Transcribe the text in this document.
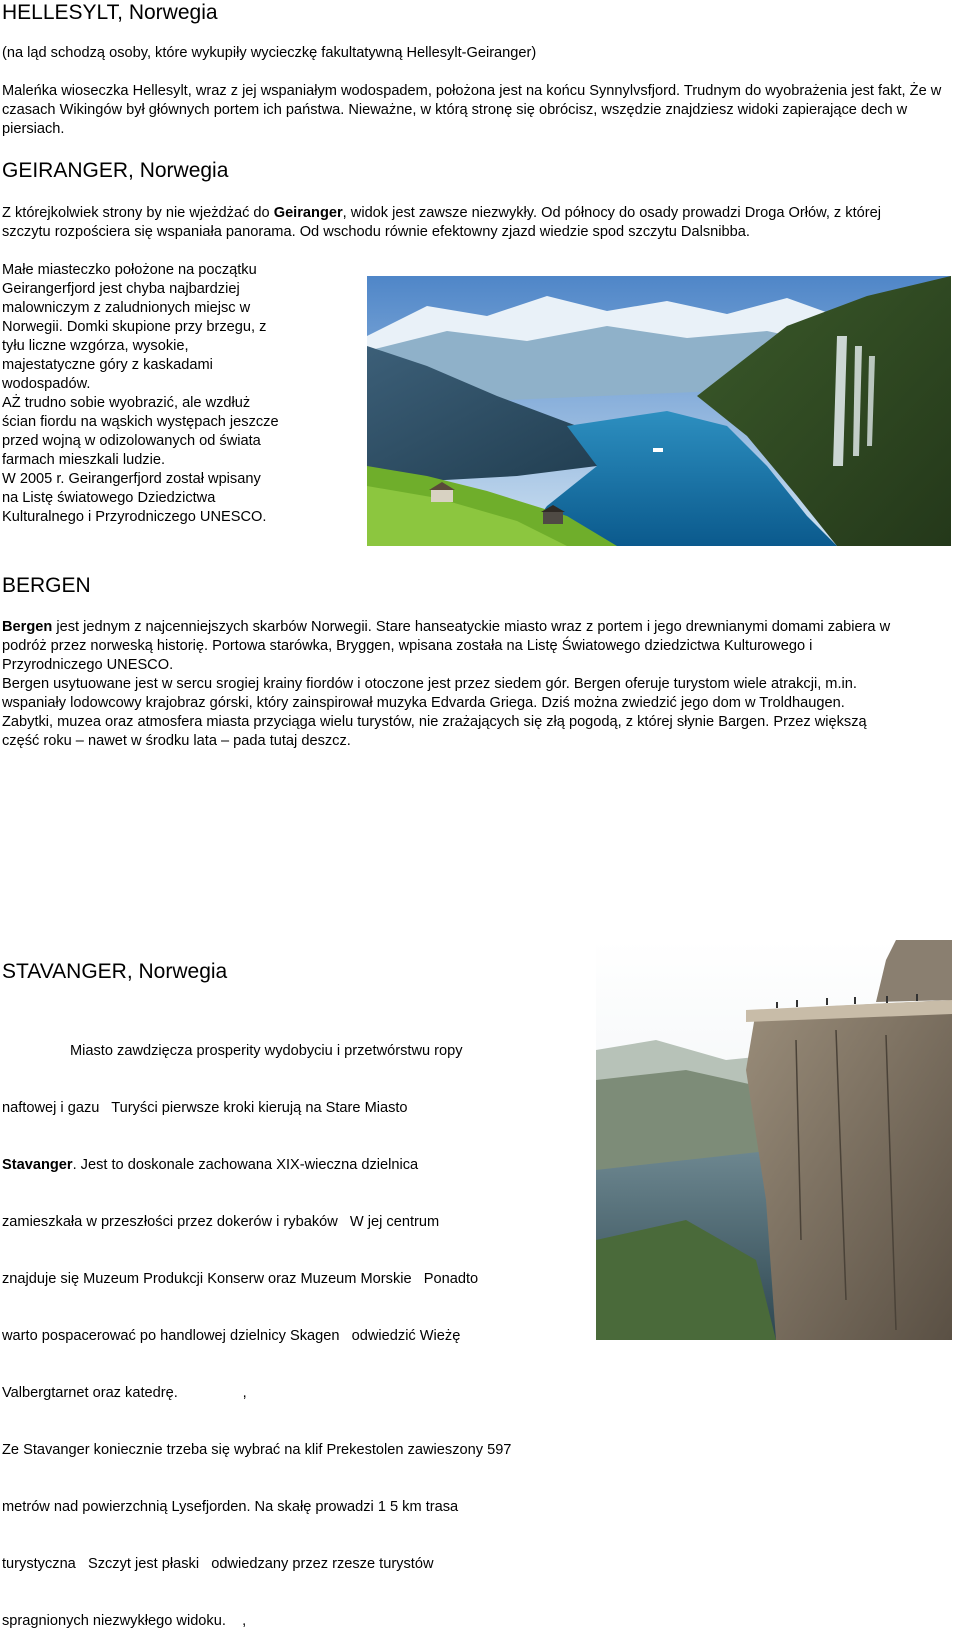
HELLESYLT, Norwegia

(na ląd schodzą osoby, które wykupiły wycieczkę fakultatywną Hellesylt-Geiranger)

Maleńka wioseczka Hellesylt, wraz z jej wspaniałym wodospadem, położona jest na końcu Synnylvsfjord. Trudnym do wyobrażenia jest fakt, Że w czasach Wikingów był głównych portem ich państwa. Nieważne, w którą stronę się obrócisz, wszędzie znajdziesz widoki zapierające dech w piersiach.

GEIRANGER, Norwegia

Z którejkolwiek strony by nie wjeżdżać do Geiranger, widok jest zawsze niezwykły. Od północy do osady prowadzi Droga Orłów, z której szczytu rozpościera się wspaniała panorama. Od wschodu równie efektowny zjazd wiedzie spod szczytu Dalsnibba.

Małe miasteczko położone na początku
Geirangerfjord jest chyba najbardziej
malowniczym z zaludnionych miejsc w
Norwegii. Domki skupione przy brzegu, z
tyłu liczne wzgórza, wysokie,
majestatyczne góry z kaskadami
wodospadów.
AŻ trudno sobie wyobrazić, ale wzdłuż
ścian fiordu na wąskich występach jeszcze
przed wojną w odizolowanych od świata
farmach mieszkali ludzie.
W 2005 r. Geirangerfjord został wpisany
na Listę światowego Dziedzictwa
Kulturalnego i Przyrodniczego UNESCO.
BERGEN
Bergen jest jednym z najcenniejszych skarbów Norwegii. Stare hanseatyckie miasto wraz z portem i jego drewnianymi domami zabiera w podróż przez norweską historię. Portowa starówka, Bryggen, wpisana została na Listę Światowego dziedzictwa Kulturowego i Przyrodniczego UNESCO.
Bergen usytuowane jest w sercu srogiej krainy fiordów i otoczone jest przez siedem gór. Bergen oferuje turystom wiele atrakcji, m.in. wspaniały lodowcowy krajobraz górski, który zainspirował muzyka Edvarda Griega. Dziś można zwiedzić jego dom w Troldhaugen.
Zabytki, muzea oraz atmosfera miasta przyciąga wielu turystów, nie zrażających się złą pogodą, z której słynie Bargen. Przez większą część roku – nawet w środku lata – pada tutaj deszcz.
STAVANGER, Norwegia

Miasto zawdzięcza prosperity wydobyciu i przetwórstwu ropy

naftowej i gazu   Turyści pierwsze kroki kierują na Stare Miasto

Stavanger. Jest to doskonale zachowana XIX-wieczna dzielnica

zamieszkała w przeszłości przez dokerów i rybaków   W jej centrum

znajduje się Muzeum Produkcji Konserw oraz Muzeum Morskie   Ponadto

warto pospacerować po handlowej dzielnicy Skagen   odwiedzić Wieżę

Valbergtarnet oraz katedrę.                ,

Ze Stavanger koniecznie trzeba się wybrać na klif Prekestolen zawieszony 597

metrów nad powierzchnią Lysefjorden. Na skałę prowadzi 1 5 km trasa

turystyczna   Szczyt jest płaski   odwiedzany przez rzesze turystów

spragnionych niezwykłego widoku.    ,
